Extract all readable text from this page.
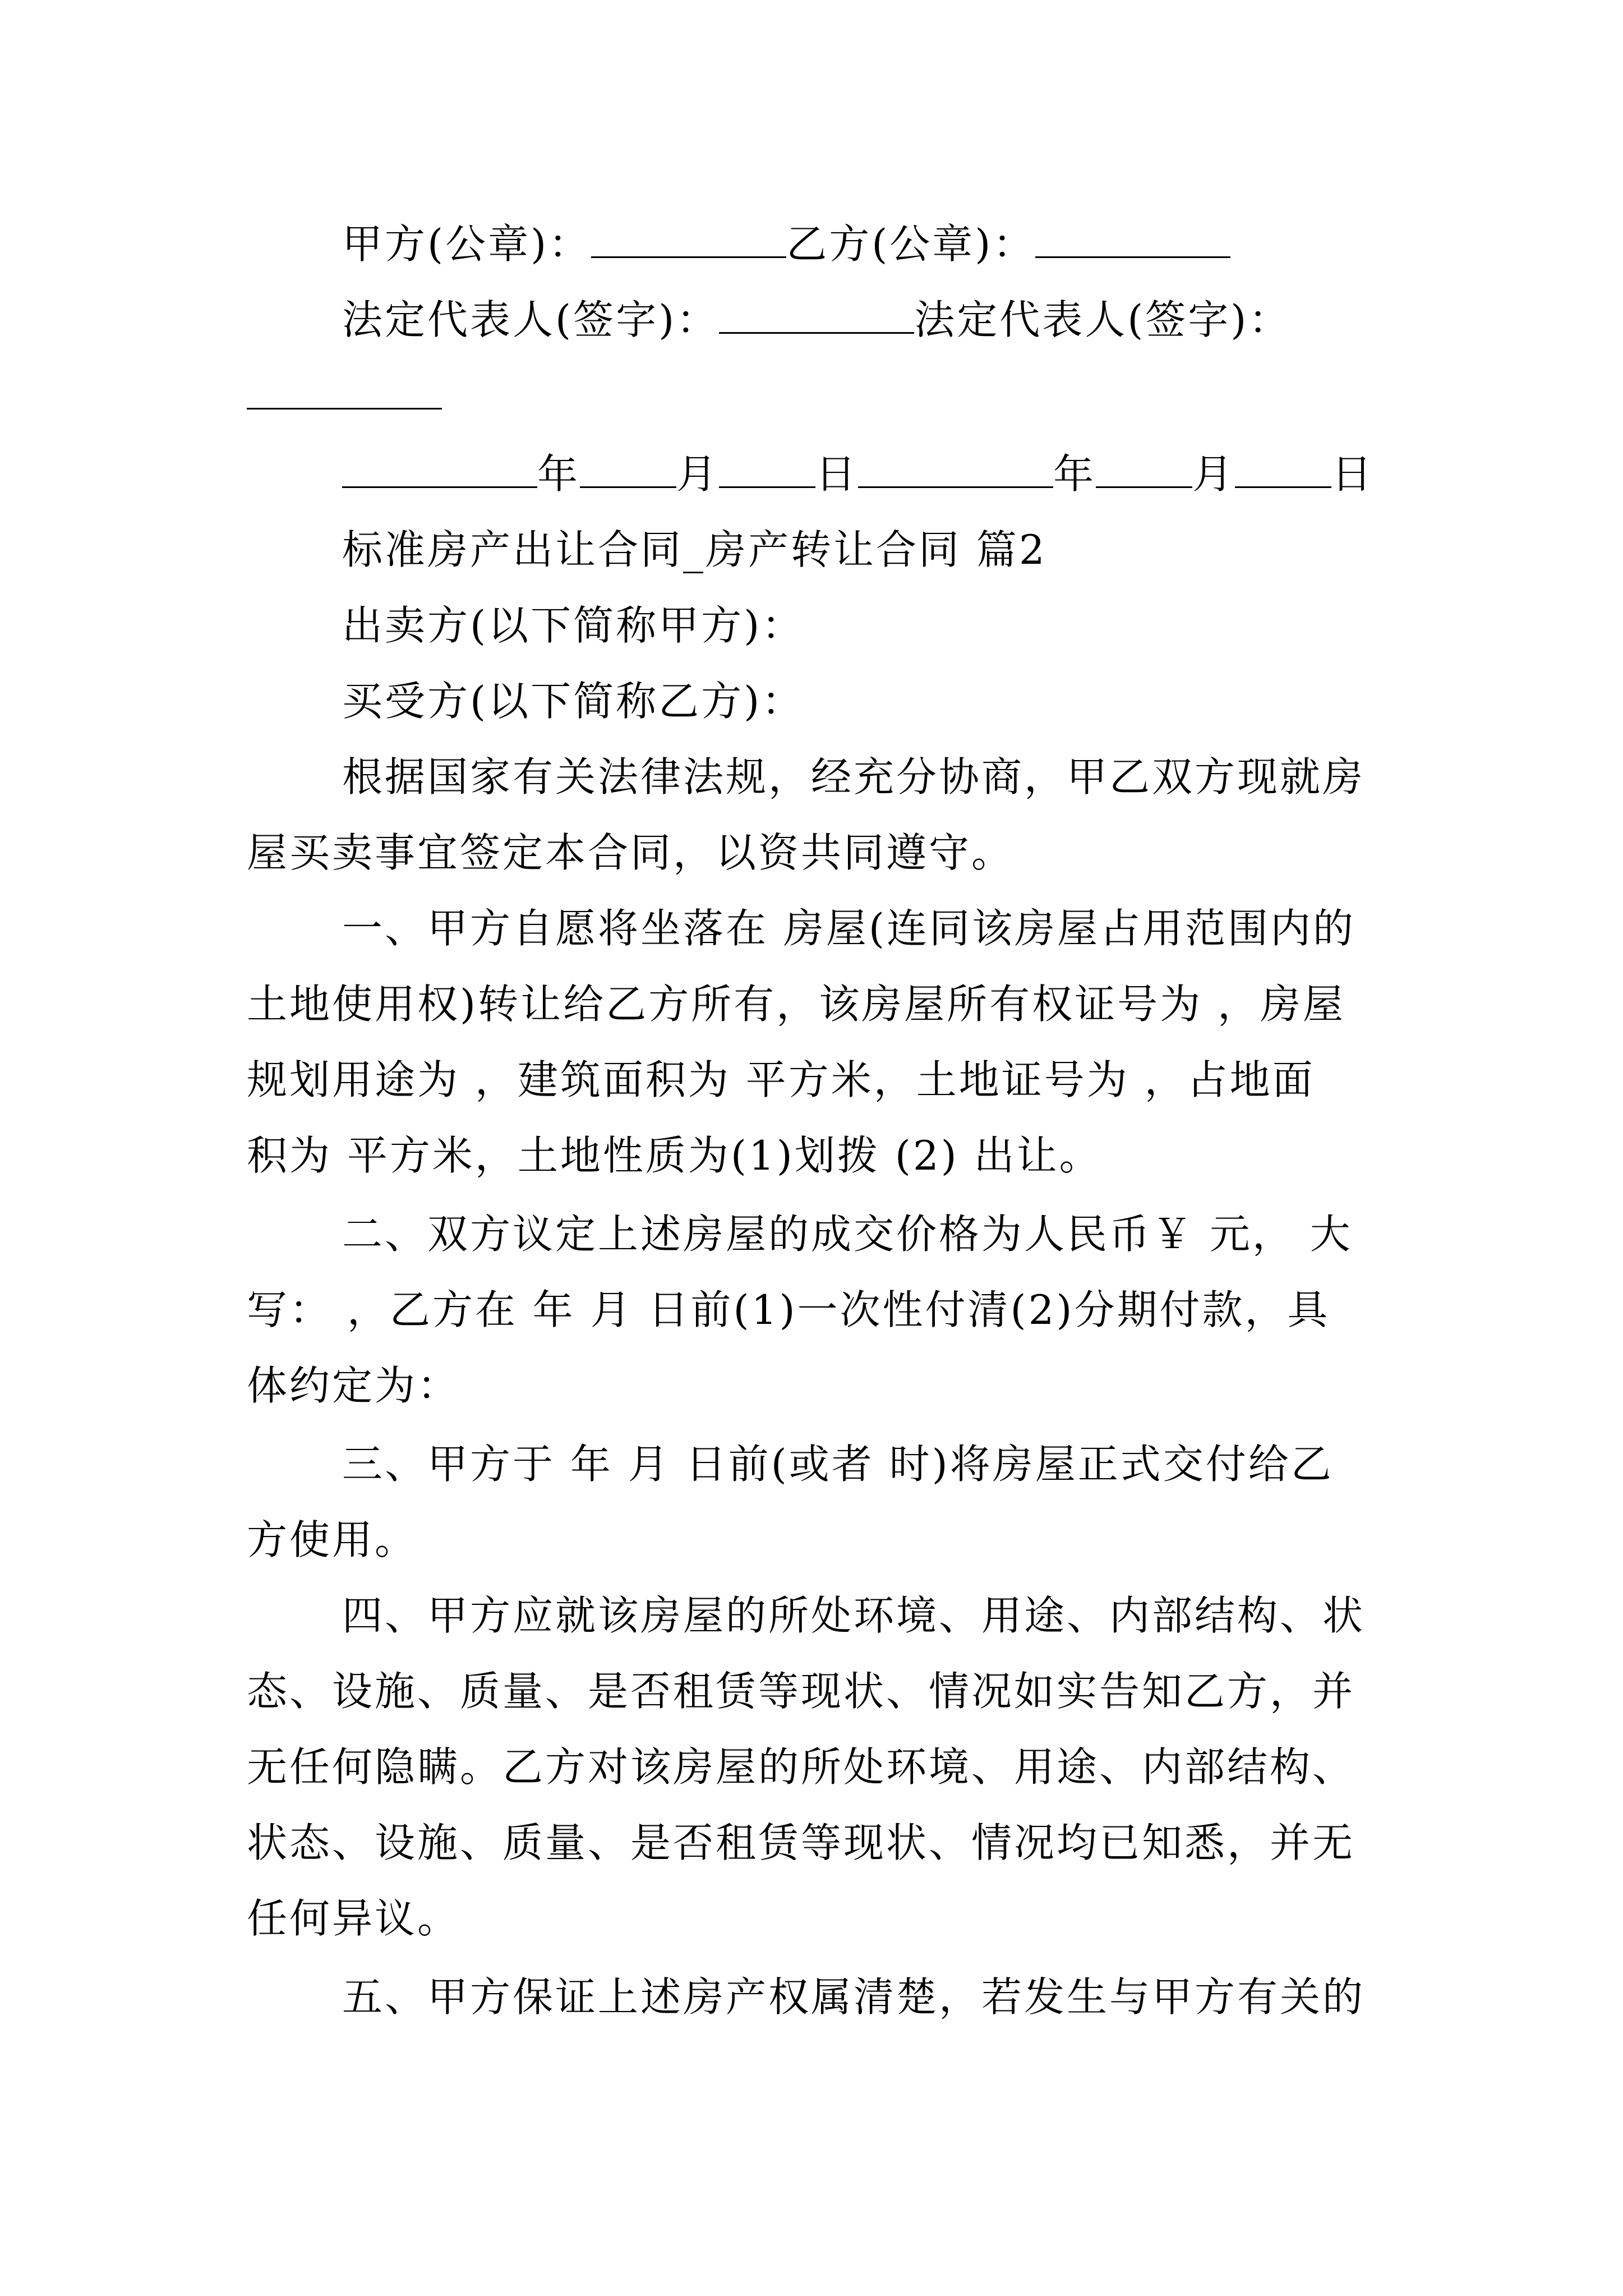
甲方(公章)：	乙方(公章)：
法定代表人(签字)：	法定代表人(签字)：
年 月 日	年 月 日
标准房产出让合同_房产转让合同 篇2
出卖方(以下简称甲方)：
买受方(以下简称乙方)：
根据国家有关法律法规，经充分协商，甲乙双方现就房
屋买卖事宜签定本合同，以资共同遵守。
一、甲方自愿将坐落在 房屋(连同该房屋占用范围内的
土地使用权)转让给乙方所有，该房屋所有权证号为 ，房屋
规划用途为 ，建筑面积为 平方米，土地证号为 ，占地面
积为 平方米，土地性质为(1)划拨 (2) 出让。
二、双方议定上述房屋的成交价格为人民币￥ 元， 大
写： ，乙方在 年 月 日前(1)一次性付清(2)分期付款，具
体约定为：
三、甲方于 年 月 日前(或者 时)将房屋正式交付给乙
方使用。
四、甲方应就该房屋的所处环境、用途、内部结构、状
态、设施、质量、是否租赁等现状、情况如实告知乙方，并
无任何隐瞒。乙方对该房屋的所处环境、用途、内部结构、
状态、设施、质量、是否租赁等现状、情况均已知悉，并无
任何异议。
五、甲方保证上述房产权属清楚，若发生与甲方有关的
